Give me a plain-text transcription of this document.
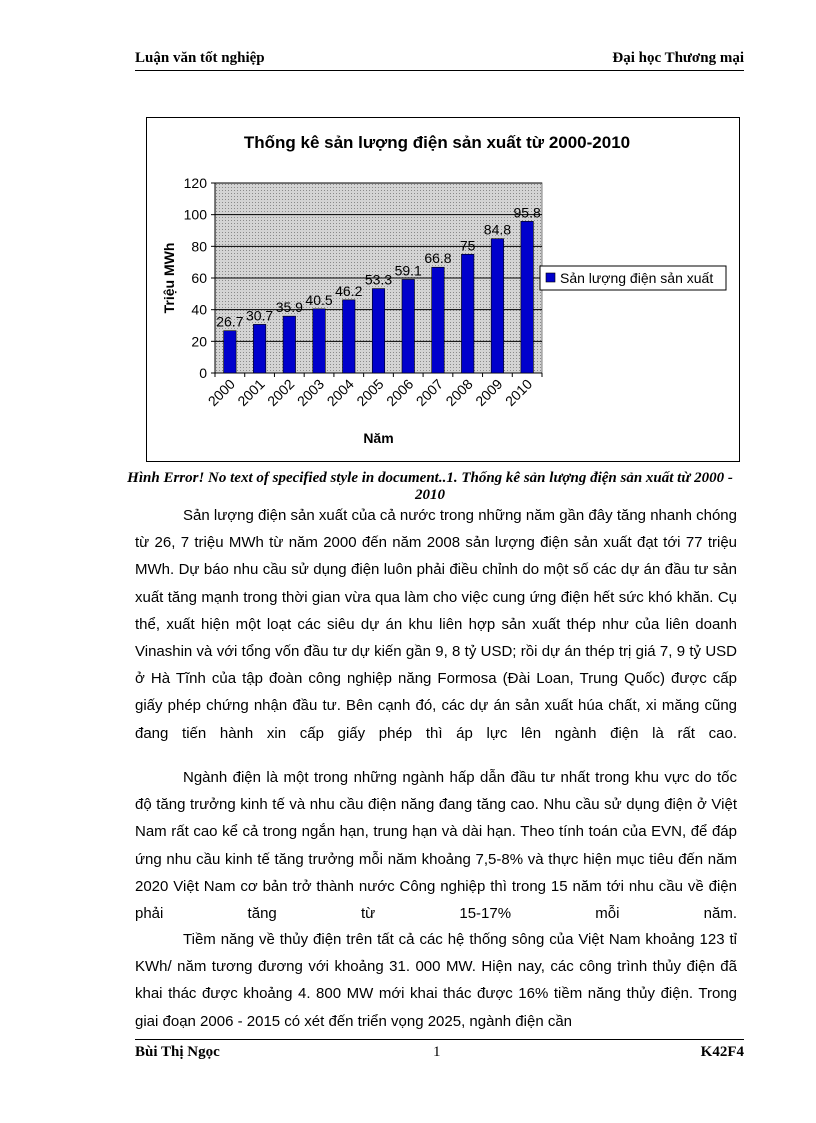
Luận văn tốt nghiệp	Đại học Thương mại
Thống kê sản lượng điện sản xuất từ 2000-2010
0
20
40
60
80
100
120
26.7
2000
30.7
2001
35.9
2002
40.5
2003
46.2
2004
53.3
2005
59.1
2006
66.8
2007
75
2008
84.8
2009
95.8
2010
Năm
Triệu MWh	Sản lượng điện sản xuất
Hình Error! No text of specified style in document..1. Thống kê sản lượng điện sản xuất từ 2000 - 2010

Sản lượng điện sản xuất của cả nước trong những năm gần đây tăng nhanh chóng từ 26, 7 triệu MWh từ năm 2000 đến năm 2008 sản lượng điện sản xuất đạt tới 77 triệu MWh. Dự báo nhu cầu sử dụng điện luôn phải điều chỉnh do một số các dự án đầu tư sản xuất tăng mạnh trong thời gian vừa qua làm cho việc cung ứng điện hết sức khó khăn. Cụ thể, xuất hiện một loạt các siêu dự án khu liên hợp sản xuất thép như của liên doanh Vinashin và với tổng vốn đầu tư dự kiến gần 9, 8 tỷ USD; rồi dự án thép trị giá 7, 9 tỷ USD ở Hà Tĩnh của tập đoàn công nghiệp năng Formosa (Đài Loan, Trung Quốc) được cấp giấy phép chứng nhận đầu tư. Bên cạnh đó, các dự án sản xuất húa chất, xi măng cũng đang tiến hành xin cấp giấy phép thì áp lực lên ngành điện là rất cao.

Ngành điện là một trong những ngành hấp dẫn đầu tư nhất trong khu vực do tốc độ tăng trưởng kinh tế và nhu cầu điện năng đang tăng cao. Nhu cầu sử dụng điện ở Việt Nam rất cao kể cả trong ngắn hạn, trung hạn và dài hạn. Theo tính toán của EVN, để đáp ứng nhu cầu kinh tế tăng trưởng mỗi năm khoảng 7,5-8% và thực hiện mục tiêu đến năm 2020 Việt Nam cơ bản trở thành nước Công nghiệp thì trong 15 năm tới nhu cầu về điện phải tăng từ 15-17% mỗi năm.

Tiềm năng về thủy điện trên tất cả các hệ thống sông của Việt Nam khoảng 123 tỉ KWh/ năm tương đương với khoảng 31. 000 MW. Hiện nay, các công trình thủy điện đã khai thác được khoảng 4. 800 MW mới khai thác được 16% tiềm năng thủy điện. Trong giai đoạn 2006 - 2015 có xét đến triển vọng 2025, ngành điện cần

Bùi Thị Ngọc	1	K42F4
